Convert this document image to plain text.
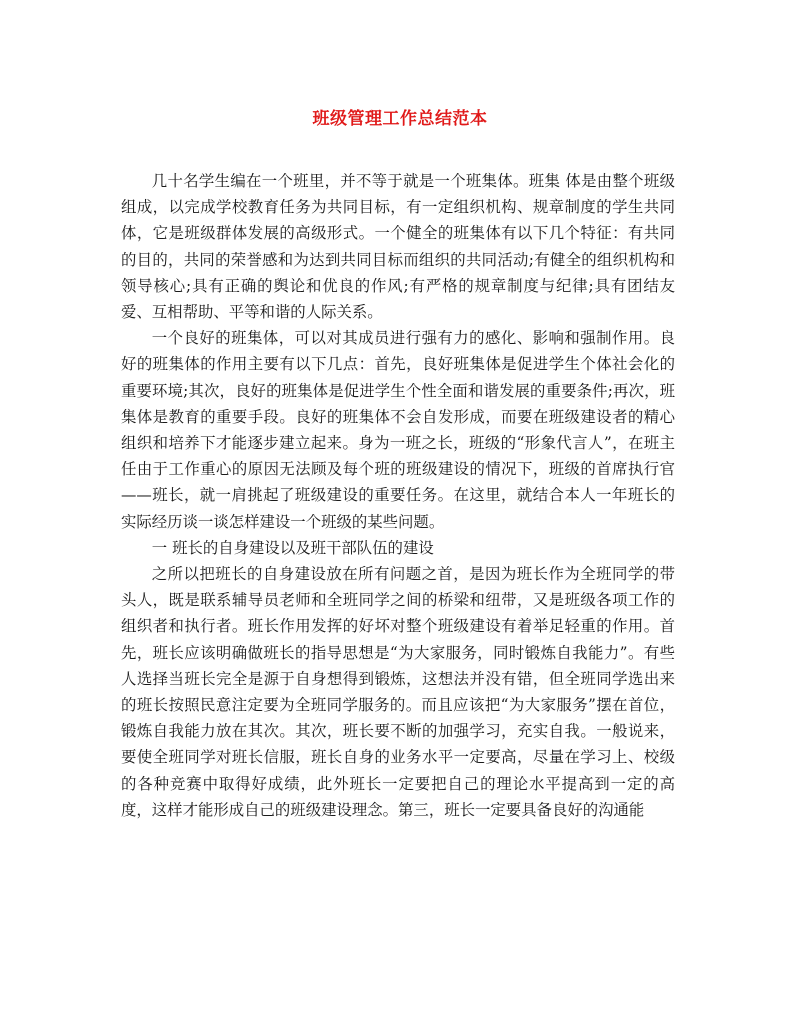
班级管理工作总结范本

几十名学生编在一个班里，并不等于就是一个班集体。班集 体是由整个班级组成，以完成学校教育任务为共同目标，有一定组织机构、规章制度的学生共同体，它是班级群体发展的高级形式。一个健全的班集体有以下几个特征：有共同的目的，共同的荣誉感和为达到共同目标而组织的共同活动;有健全的组织机构和领导核心;具有正确的舆论和优良的作风;有严格的规章制度与纪律;具有团结友爱、互相帮助、平等和谐的人际关系。

一个良好的班集体，可以对其成员进行强有力的感化、影响和强制作用。良好的班集体的作用主要有以下几点：首先，良好班集体是促进学生个体社会化的重要环境;其次，良好的班集体是促进学生个性全面和谐发展的重要条件;再次，班集体是教育的重要手段。良好的班集体不会自发形成，而要在班级建设者的精心组织和培养下才能逐步建立起来。身为一班之长，班级的“形象代言人”，在班主任由于工作重心的原因无法顾及每个班的班级建设的情况下，班级的首席执行官——班长，就一肩挑起了班级建设的重要任务。在这里，就结合本人一年班长的实际经历谈一谈怎样建设一个班级的某些问题。

一 班长的自身建设以及班干部队伍的建设

之所以把班长的自身建设放在所有问题之首，是因为班长作为全班同学的带头人，既是联系辅导员老师和全班同学之间的桥梁和纽带，又是班级各项工作的组织者和执行者。班长作用发挥的好坏对整个班级建设有着举足轻重的作用。首先，班长应该明确做班长的指导思想是“为大家服务，同时锻炼自我能力”。有些人选择当班长完全是源于自身想得到锻炼，这想法并没有错，但全班同学选出来的班长按照民意注定要为全班同学服务的。而且应该把“为大家服务”摆在首位，锻炼自我能力放在其次。其次，班长要不断的加强学习，充实自我。一般说来，要使全班同学对班长信服，班长自身的业务水平一定要高，尽量在学习上、校级的各种竞赛中取得好成绩，此外班长一定要把自己的理论水平提高到一定的高度，这样才能形成自己的班级建设理念。第三，班长一定要具备良好的沟通能
